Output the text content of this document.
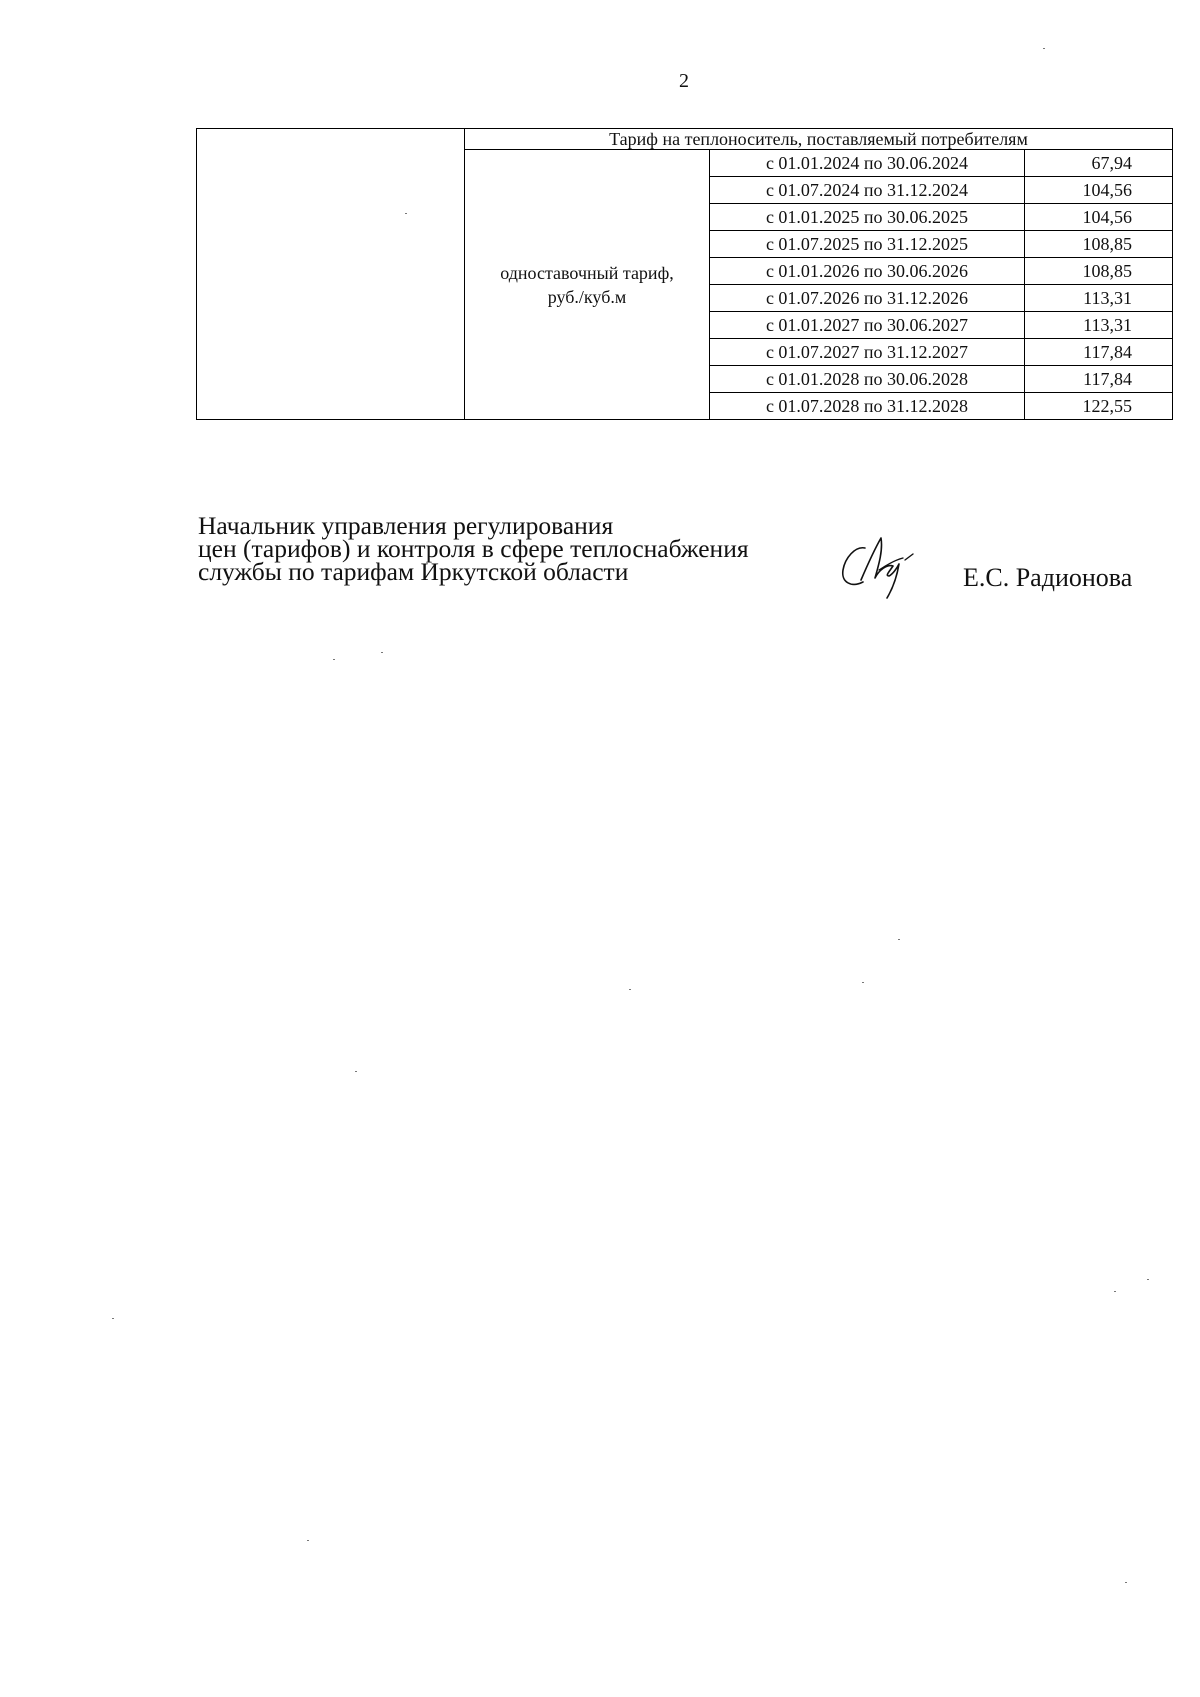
2
	Тариф на теплоноситель, поставляемый потребителям		

	одноставочный тариф,
руб./куб.м	с 01.01.2024 по 30.06.2024	67,94
		с 01.07.2024 по 31.12.2024	104,56
		с 01.01.2025 по 30.06.2025	104,56
		с 01.07.2025 по 31.12.2025	108,85
		с 01.01.2026 по 30.06.2026	108,85
		с 01.07.2026 по 31.12.2026	113,31
		с 01.01.2027 по 30.06.2027	113,31
		с 01.07.2027 по 31.12.2027	117,84
		с 01.01.2028 по 30.06.2028	117,84
		с 01.07.2028 по 31.12.2028	122,55
Начальник управления регулирования
цен (тарифов) и контроля в сфере теплоснабжения
службы по тарифам Иркутской области	Е.С. Радионова
